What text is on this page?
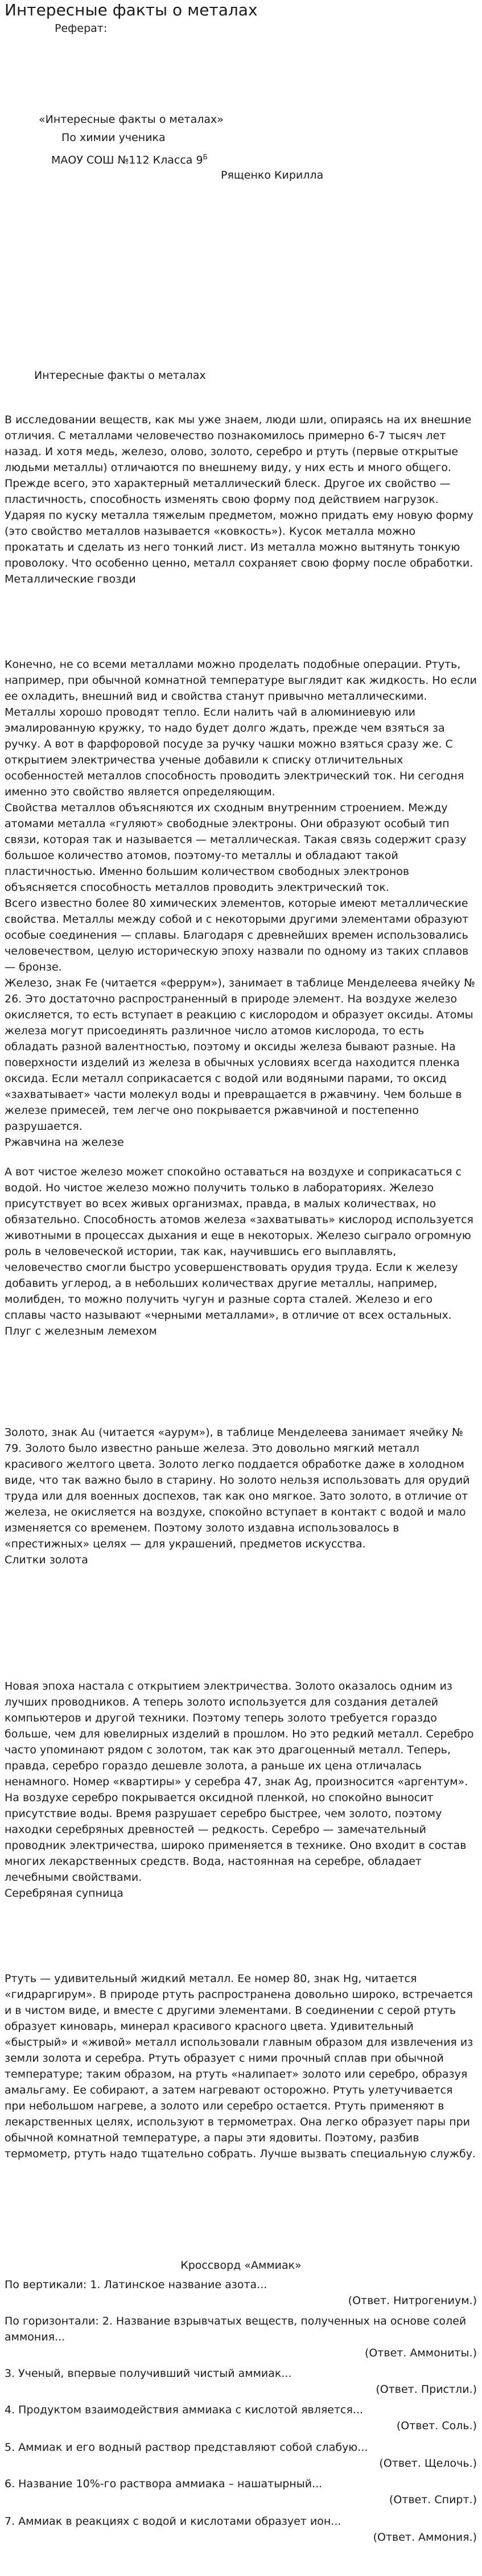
Интересные факты о металах
Реферат:
«Интересные факты о металах»
По химии ученика
МАОУ СОШ №112 Класса $9^Б$
Рященко Кирилла
Интересные факты о металах

В исследовании веществ, как мы уже знаем, люди шли, опираясь на их внешние отличия. С металлами человечество познакомилось примерно 6-7 тысяч лет назад. И хотя медь, железо, олово, золото, серебро и ртуть (первые открытые людьми металлы) отличаются по внешнему виду, у них есть и много общего. Прежде всего, это характерный металлический блеск. Другое их свойство — пластичность, способность изменять свою форму под действием нагрузок. Ударяя по куску металла тяжелым предметом, можно придать ему новую форму (это свойство металлов называется «ковкость»). Кусок металла можно прокатать и сделать из него тонкий лист. Из металла можно вытянуть тонкую проволоку. Что особенно ценно, металл сохраняет свою форму после обработки.

Металлические гвозди

Конечно, не со всеми металлами можно проделать подобные операции. Ртуть, например, при обычной комнатной температуре выглядит как жидкость. Но если ее охладить, внешний вид и свойства станут привычно металлическими. Металлы хорошо проводят тепло. Если налить чай в алюминиевую или эмалированную кружку, то надо будет долго ждать, прежде чем взяться за ручку. А вот в фарфоровой посуде за ручку чашки можно взяться сразу же. С открытием электричества ученые добавили к списку отличительных особенностей металлов способность проводить электрический ток. Ни сегодня именно это свойство является определяющим.

Свойства металлов объясняются их сходным внутренним строением. Между атомами металла «гуляют» свободные электроны. Они образуют особый тип связи, которая так и называется — металлическая. Такая связь содержит сразу большое количество атомов, поэтому-то металлы и обладают такой пластичностью. Именно большим количеством свободных электронов объясняется способность металлов проводить электрический ток.

Всего известно более 80 химических элементов, которые имеют металлические свойства. Металлы между собой и с некоторыми другими элементами образуют особые соединения — сплавы. Благодаря с древнейших времен использовались человечеством, целую историческую эпоху назвали по одному из таких сплавов — бронзе.

Железо, знак Fe (читается «феррум»), занимает в таблице Менделеева ячейку № 26. Это достаточно распространенный в природе элемент. На воздухе железо окисляется, то есть вступает в реакцию с кислородом и образует оксиды. Атомы железа могут присоединять различное число атомов кислорода, то есть обладать разной валентностью, поэтому и оксиды железа бывают разные. На поверхности изделий из железа в обычных условиях всегда находится пленка оксида. Если металл соприкасается с водой или водяными парами, то оксид «захватывает» части молекул воды и превращается в ржавчину. Чем больше в железе примесей, тем легче оно покрывается ржавчиной и постепенно разрушается.

Ржавчина на железе

А вот чистое железо может спокойно оставаться на воздухе и соприкасаться с водой. Но чистое железо можно получить только в лабораториях. Железо присутствует во всех живых организмах, правда, в малых количествах, но обязательно. Способность атомов железа «захватывать» кислород используется животными в процессах дыхания и еще в некоторых. Железо сыграло огромную роль в человеческой истории, так как, научившись его выплавлять, человечество смогли быстро усовершенствовать орудия труда. Если к железу добавить углерод, а в небольших количествах другие металлы, например, молибден, то можно получить чугун и разные сорта сталей. Железо и его сплавы часто называют «черными металлами», в отличие от всех остальных.

Плуг с железным лемехом

Золото, знак Au (читается «аурум»), в таблице Менделеева занимает ячейку № 79. Золото было известно раньше железа. Это довольно мягкий металл красивого желтого цвета. Золото легко поддается обработке даже в холодном виде, что так важно было в старину. Но золото нельзя использовать для орудий труда или для военных доспехов, так как оно мягкое. Зато золото, в отличие от железа, не окисляется на воздухе, спокойно вступает в контакт с водой и мало изменяется со временем. Поэтому золото издавна использовалось в «престижных» целях — для украшений, предметов искусства.

Слитки золота

Новая эпоха настала с открытием электричества. Золото оказалось одним из лучших проводников. А теперь золото используется для создания деталей компьютеров и другой техники. Поэтому теперь золото требуется гораздо больше, чем для ювелирных изделий в прошлом. Но это редкий металл. Серебро часто упоминают рядом с золотом, так как это драгоценный металл. Теперь, правда, серебро гораздо дешевле золота, а раньше их цена отличалась ненамного. Номер «квартиры» у серебра 47, знак Ag, произносится «аргентум». На воздухе серебро покрывается оксидной пленкой, но спокойно выносит присутствие воды. Время разрушает серебро быстрее, чем золото, поэтому находки серебряных древностей — редкость. Серебро — замечательный проводник электричества, широко применяется в технике. Оно входит в состав многих лекарственных средств. Вода, настоянная на серебре, обладает лечебными свойствами.

Серебряная супница

Ртуть — удивительный жидкий металл. Ее номер 80, знак Hg, читается «гидраргирум». В природе ртуть распространена довольно широко, встречается и в чистом виде, и вместе с другими элементами. В соединении с серой ртуть образует киноварь, минерал красивого красного цвета. Удивительный «быстрый» и «живой» металл использовали главным образом для извлечения из земли золота и серебра. Ртуть образует с ними прочный сплав при обычной температуре; таким образом, на ртуть «налипает» золото или серебро, образуя амальгаму. Ее собирают, а затем нагревают осторожно. Ртуть улетучивается при небольшом нагреве, а золото или серебро остается. Ртуть применяют в лекарственных целях, используют в термометрах. Она легко образует пары при обычной комнатной температуре, а пары эти ядовиты. Поэтому, разбив термометр, ртуть надо тщательно собрать. Лучше вызвать специальную службу.

Кроссворд «Аммиак»
По вертикали: 1. Латинское название азота...
(Ответ. Нитрогениум.)
По горизонтали: 2. Название взрывчатых веществ, полученных на основе солей аммония...
(Ответ. Аммониты.)
3. Ученый, впервые получивший чистый аммиак...
(Ответ. Пристли.)
4. Продуктом взаимодействия аммиака с кислотой является...
(Ответ. Соль.)
5. Аммиак и его водный раствор представляют собой слабую...
(Ответ. Щелочь.)
6. Название 10%-го раствора аммиака – нашатырный...
(Ответ. Спирт.)
7. Аммиак в реакциях с водой и кислотами образует ион...
(Ответ. Аммония.)
